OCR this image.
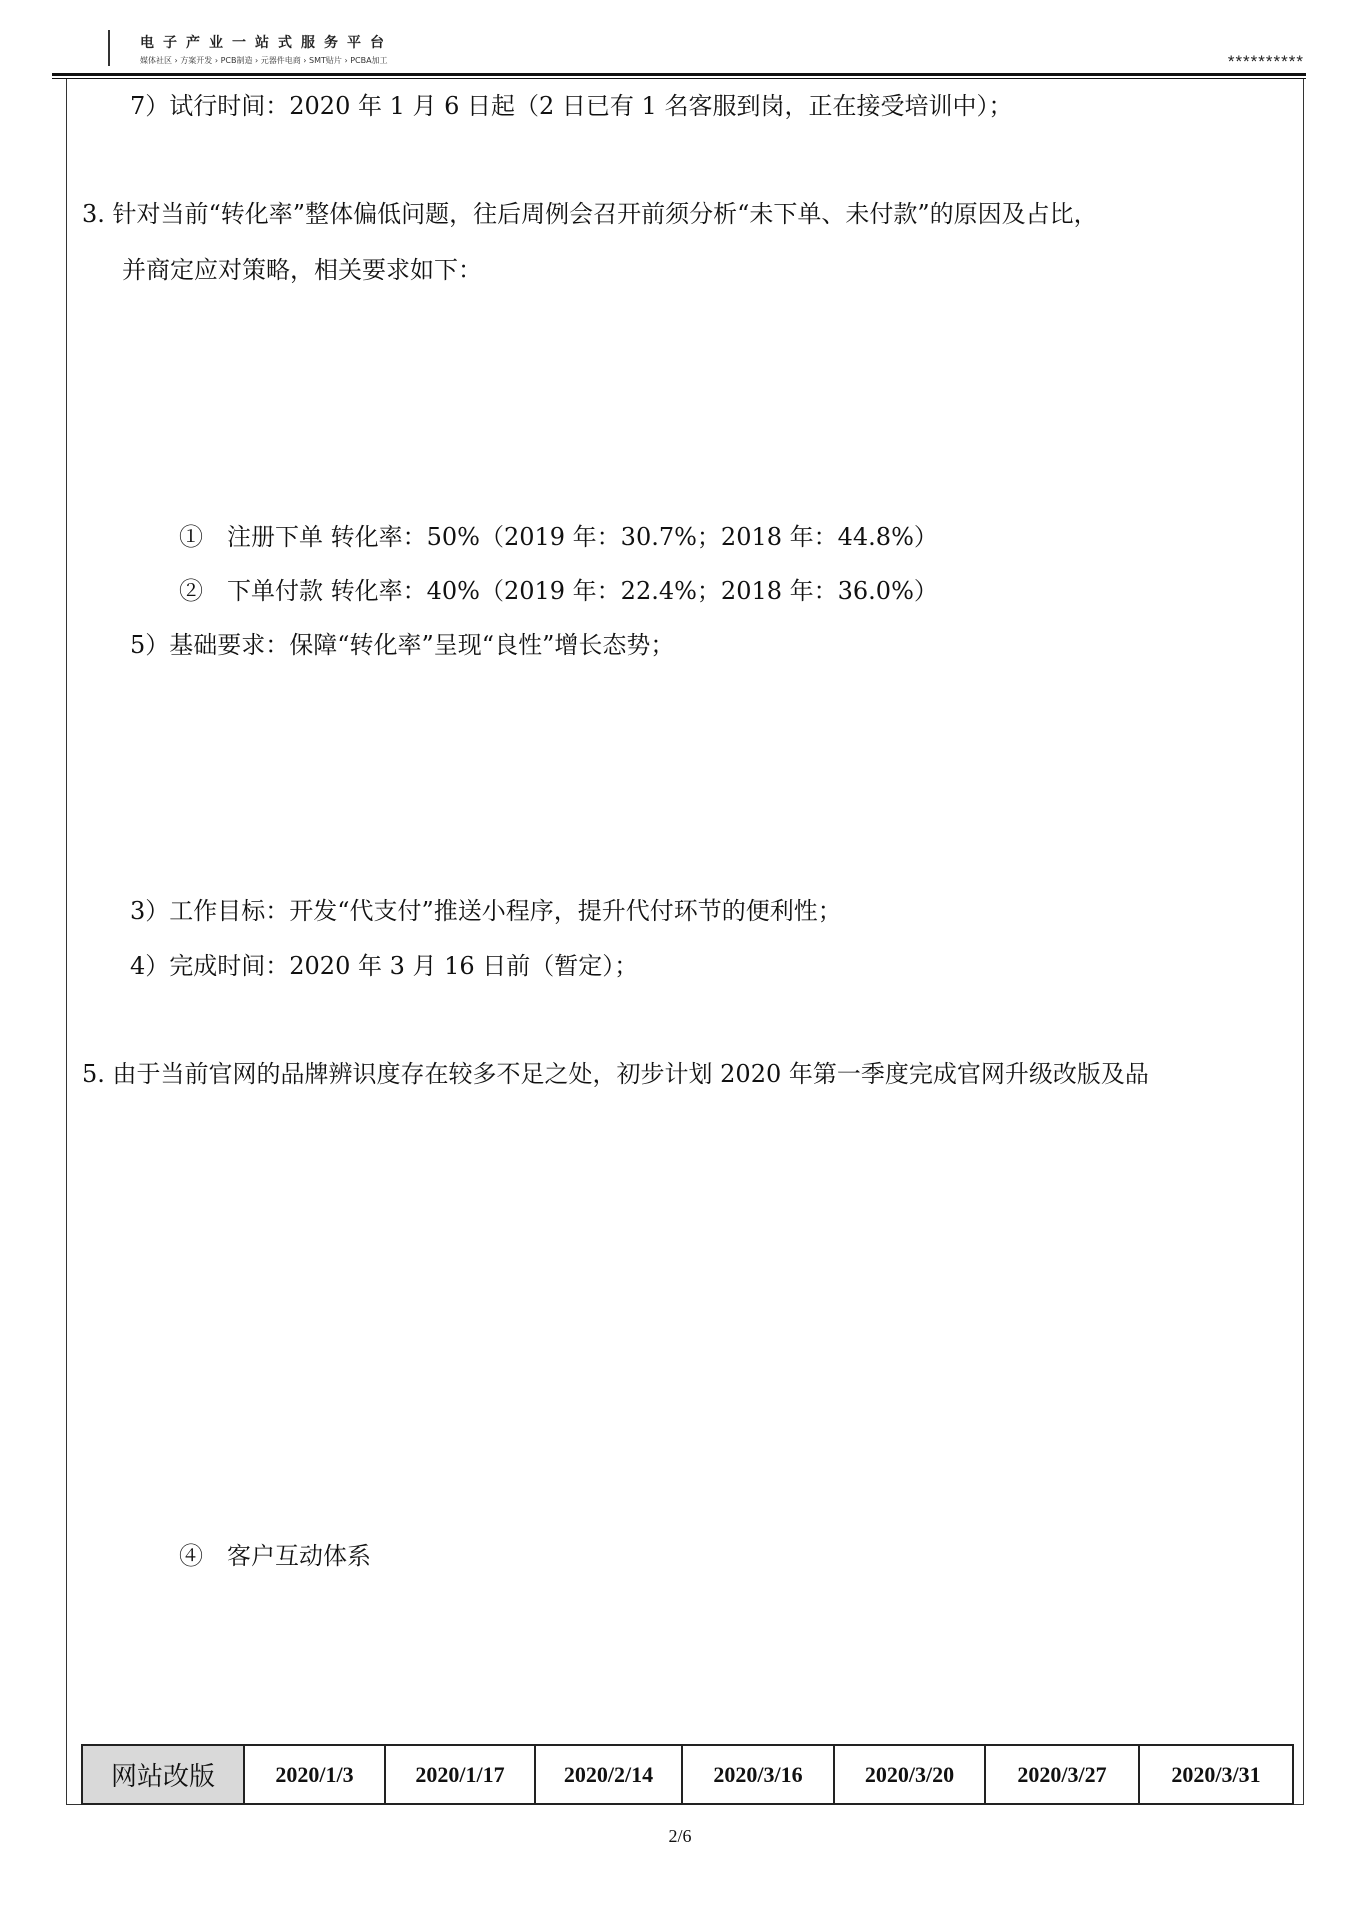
电子产业一站式服务平台
媒体社区 › 方案开发 › PCB制造 › 元器件电商 › SMT贴片 › PCBA加工	**********
7）试行时间：2020 年 1 月 6 日起（2 日已有 1 名客服到岗，正在接受培训中）；
3. 针对当前“转化率”整体偏低问题，往后周例会召开前须分析“未下单、未付款”的原因及占比，
并商定应对策略，相关要求如下：
①　注册下单 转化率：50%（2019 年：30.7%；2018 年：44.8%）
②　下单付款 转化率：40%（2019 年：22.4%；2018 年：36.0%）
5）基础要求：保障“转化率”呈现“良性”增长态势；
3）工作目标：开发“代支付”推送小程序，提升代付环节的便利性；
4）完成时间：2020 年 3 月 16 日前（暂定）；
5. 由于当前官网的品牌辨识度存在较多不足之处，初步计划 2020 年第一季度完成官网升级改版及品
④　客户互动体系
网站改版	2020/1/3	2020/1/17	2020/2/14	2020/3/16	2020/3/20	2020/3/27	2020/3/31
2/6
